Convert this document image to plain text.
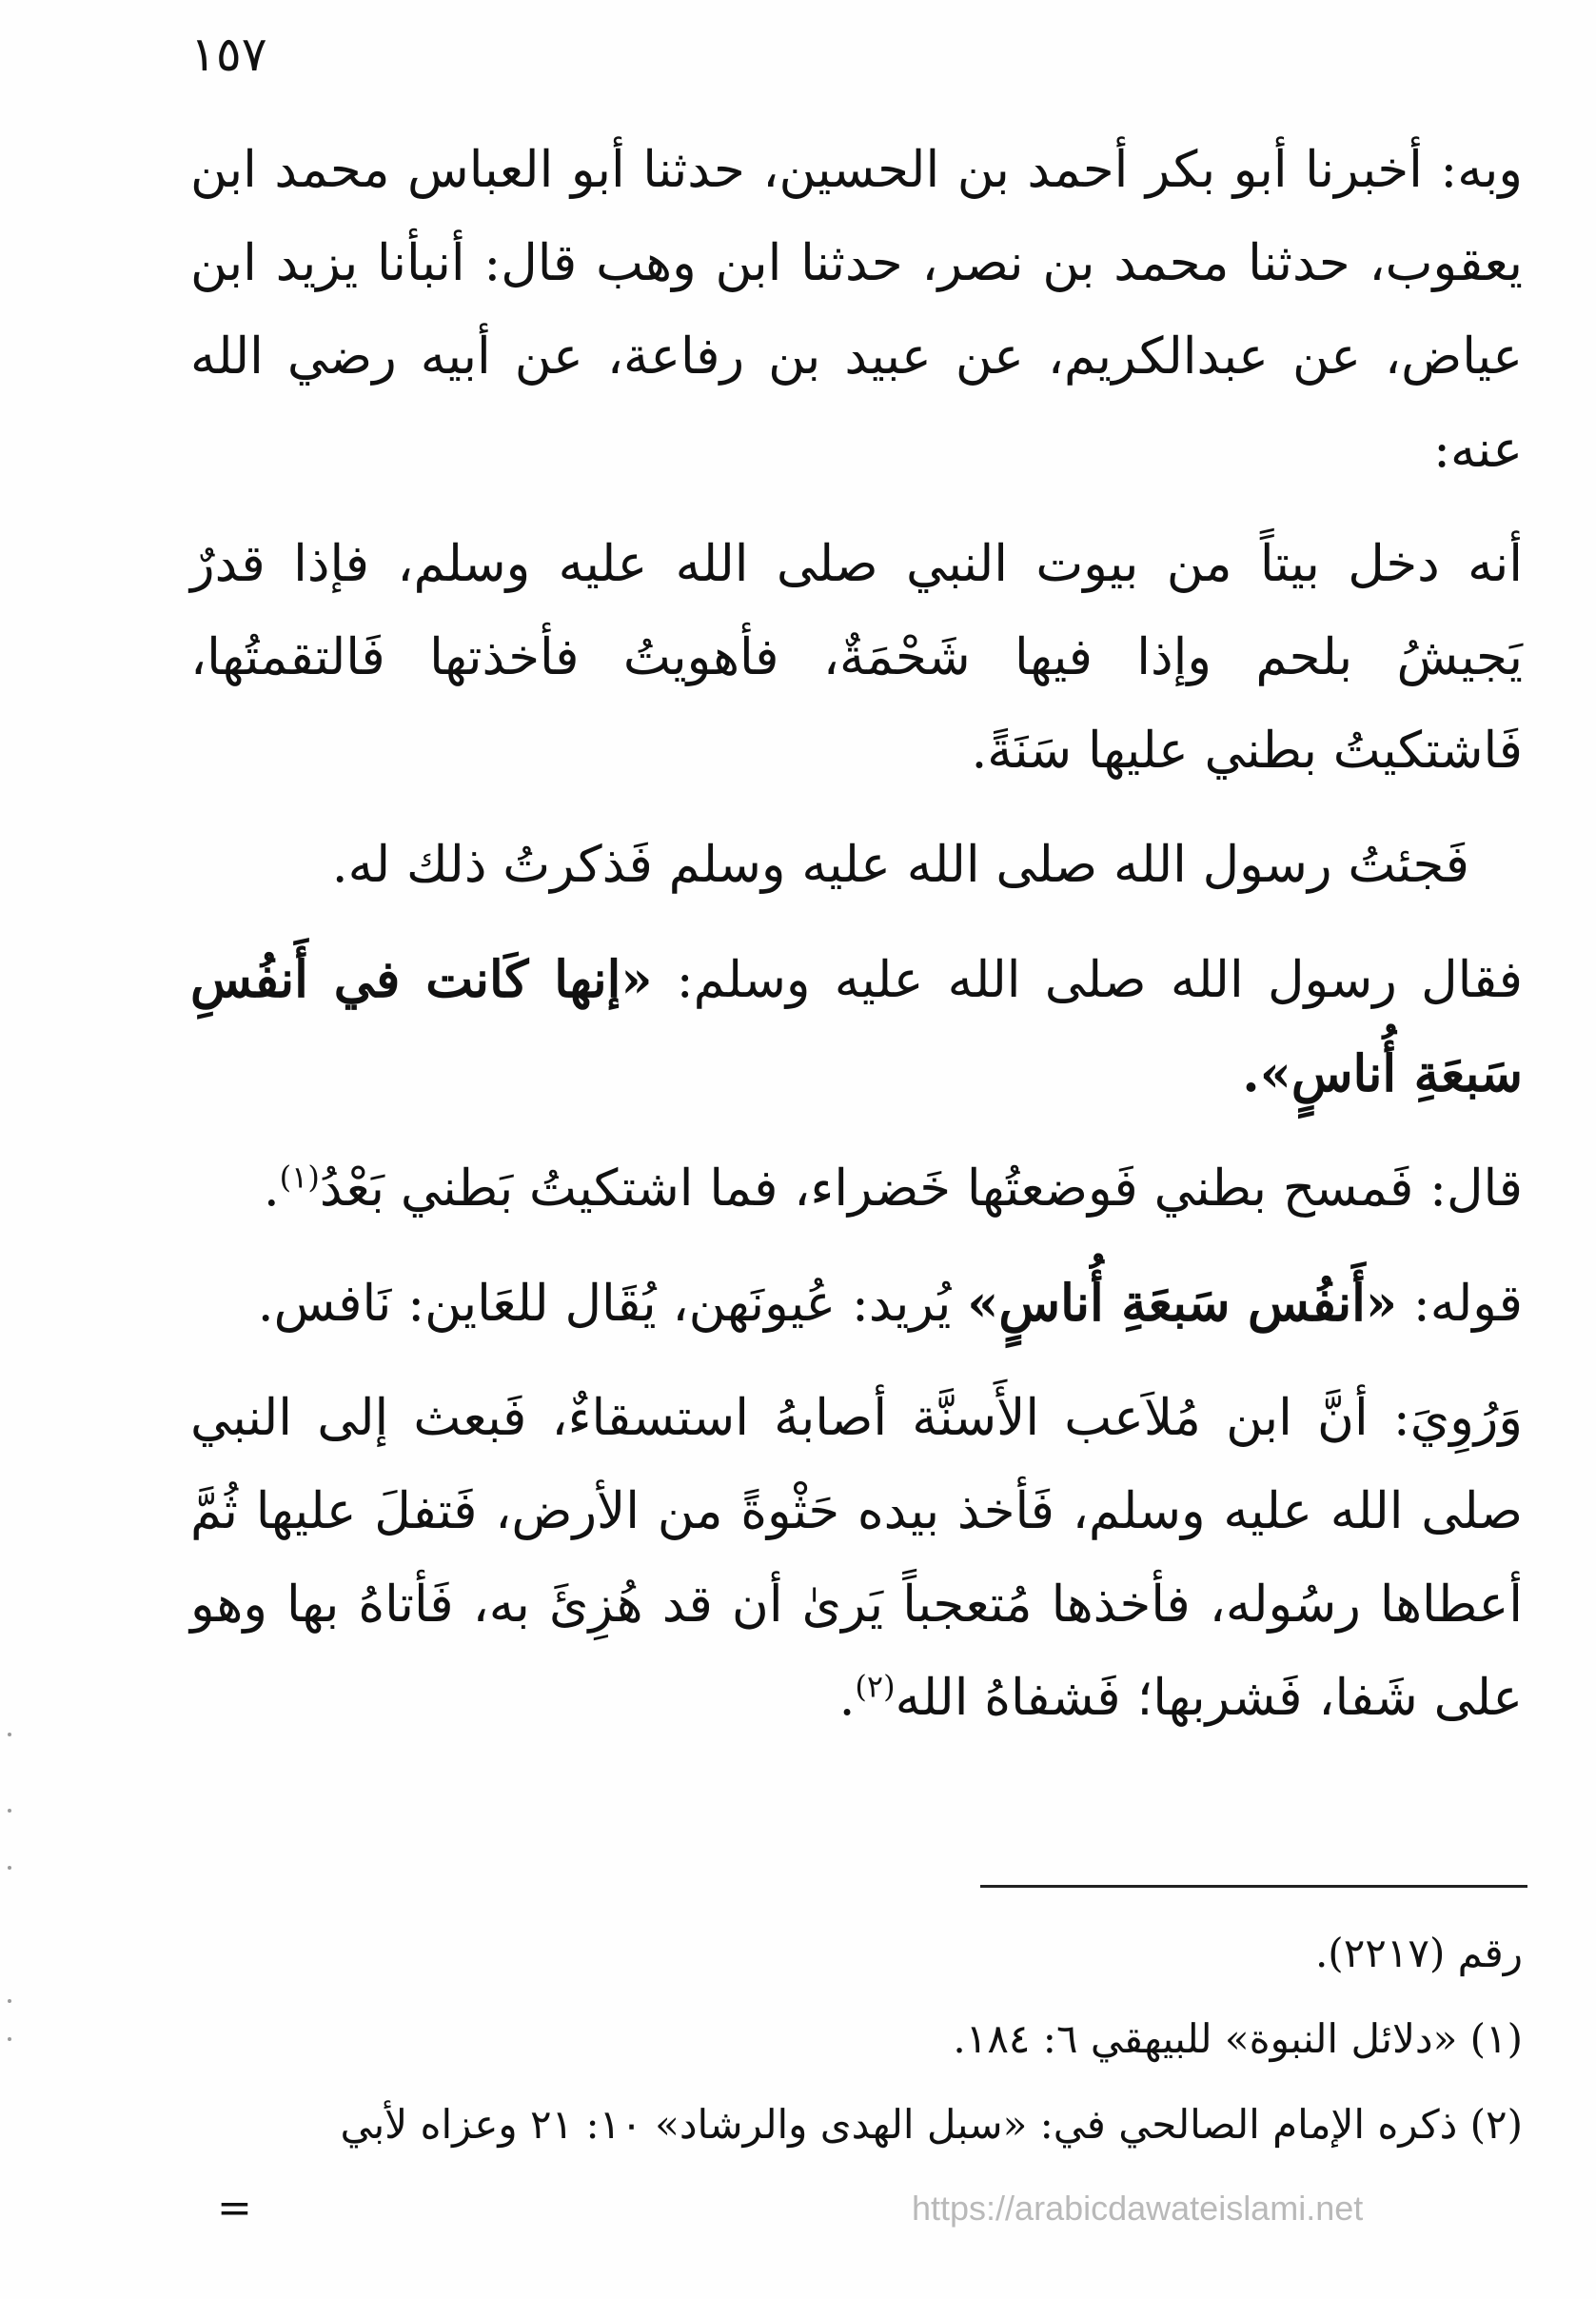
١٥٧

وبه: أخبرنا أبو بكر أحمد بن الحسين، حدثنا أبو العباس محمد ابن يعقوب، حدثنا محمد بن نصر، حدثنا ابن وهب قال: أنبأنا يزيد ابن عياض، عن عبدالكريم، عن عبيد بن رفاعة، عن أبيه رضي الله عنه:

أنه دخل بيتاً من بيوت النبي صلى الله عليه وسلم، فإذا قدرٌ يَجيشُ بلحم وإذا فيها شَحْمَةٌ، فأهويتُ فأخذتها فَالتقمتُها، فَاشتكيتُ بطني عليها سَنَةً.

فَجئتُ رسول الله صلى الله عليه وسلم فَذكرتُ ذلك له.

فقال رسول الله صلى الله عليه وسلم: «إنها كَانت في أَنفُسِ سَبعَةِ أُناسٍ».

قال: فَمسح بطني فَوضعتُها خَضراء، فما اشتكيتُ بَطني بَعْدُ$^{(١)}$.

قوله: «أَنفُس سَبعَةِ أُناسٍ» يُريد: عُيونَهن، يُقَال للعَاين: نَافس.

وَرُوِيَ: أنَّ ابن مُلاَعب الأَسنَّة أصابهُ استسقاءٌ، فَبعث إلى النبي صلى الله عليه وسلم، فَأخذ بيده حَثْوةً من الأرض، فَتفلَ عليها ثُمَّ أعطاها رسُوله، فأخذها مُتعجباً يَرىٰ أن قد هُزِئَ به، فَأتاهُ بها وهو على شَفا، فَشربها؛ فَشفاهُ الله$^{(٢)}$.

رقم (٢٢١٧).

(١) «دلائل النبوة» للبيهقي ٦: ١٨٤.

(٢) ذكره الإمام الصالحي في: «سبل الهدى والرشاد» ١٠: ٢١ وعزاه لأبي

=	https://arabicdawateislami.net
